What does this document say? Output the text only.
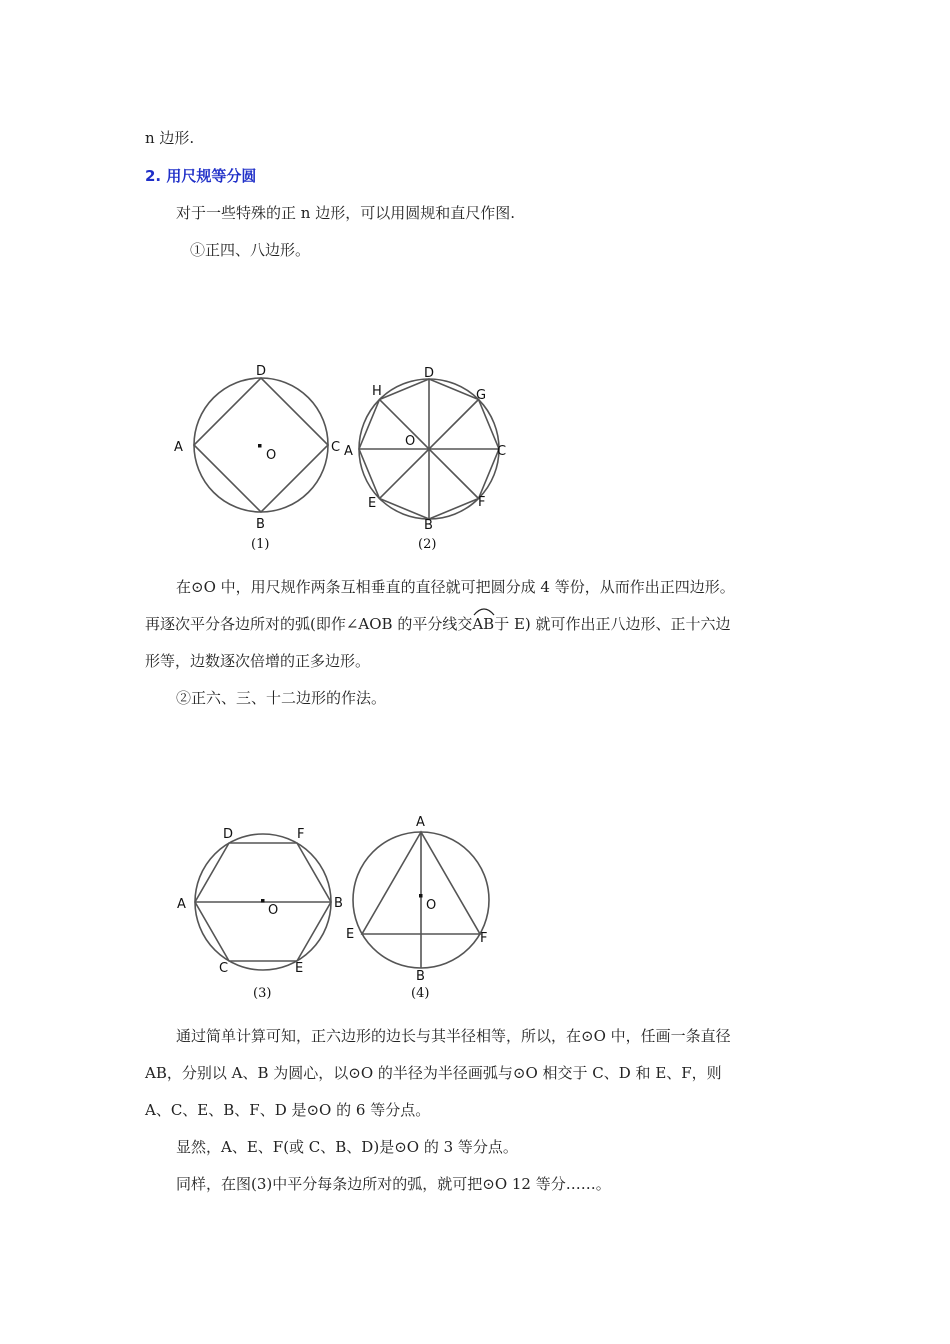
n 边形.
2. 用尺规等分圆
对于一些特殊的正 n 边形，可以用圆规和直尺作图.
①正四、八边形。
A
D
C
B
O
(1)
A
D
H	G
C
F
E
B
O
(2)
在⊙O 中，用尺规作两条互相垂直的直径就可把圆分成 4 等份，从而作出正四边形。
再逐次平分各边所对的弧(即作∠AOB 的平分线交
AB于 E) 就可作出正八边形、正十六边
形等，边数逐次倍增的正多边形。
②正六、三、十二边形的作法。
A
D	F
B
C	E
O
(3)
A
E	F
B
O
(4)
通过简单计算可知，正六边形的边长与其半径相等，所以，在⊙O 中，任画一条直径
AB，分别以 A、B 为圆心，以⊙O 的半径为半径画弧与⊙O 相交于 C、D 和 E、F，则
A、C、E、B、F、D 是⊙O 的 6 等分点。
显然，A、E、F(或 C、B、D)是⊙O 的 3 等分点。
同样，在图(3)中平分每条边所对的弧，就可把⊙O 12 等分……。
